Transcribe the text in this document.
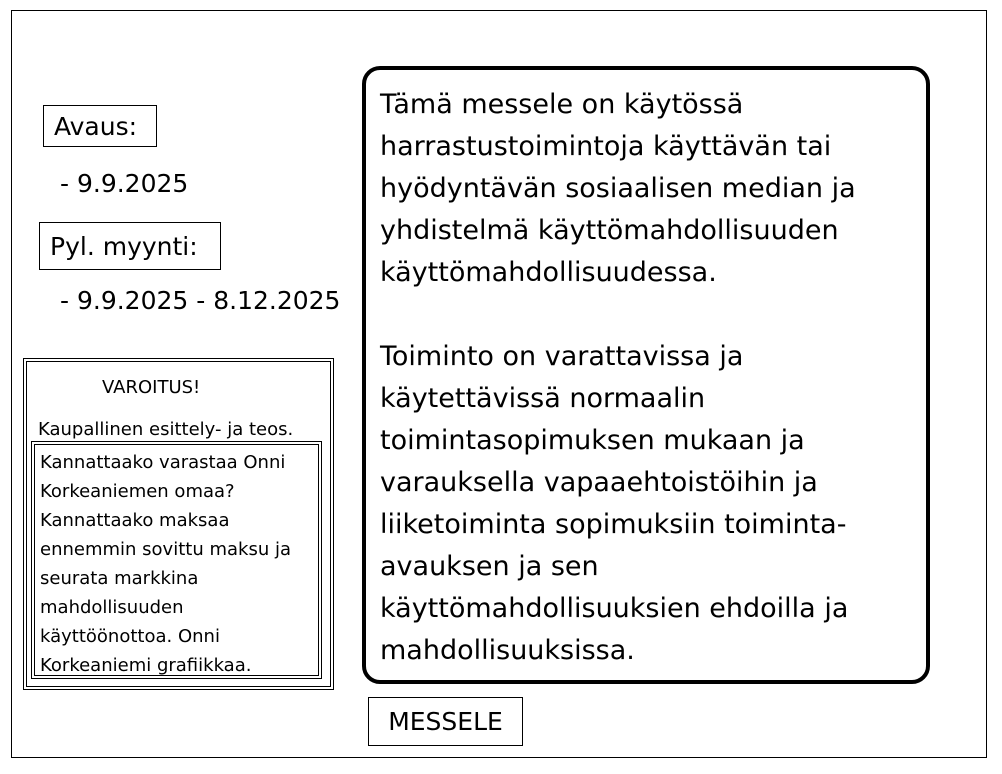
Avaus:
- 9.9.2025
Pyl. myynti:
- 9.9.2025 - 8.12.2025
VAROITUS!
Kaupallinen esittely- ja teos.
Kannattaako varastaa Onni
Korkeaniemen omaa?
Kannattaako maksaa
ennemmin sovittu maksu ja
seurata markkina
mahdollisuuden
käyttöönottoa. Onni
Korkeaniemi grafiikkaa.
Tämä messele on käytössä
harrastustoimintoja käyttävän tai
hyödyntävän sosiaalisen median ja
yhdistelmä käyttömahdollisuuden
käyttömahdollisuudessa.
Toiminto on varattavissa ja
käytettävissä normaalin
toimintasopimuksen mukaan ja
varauksella vapaaehtoistöihin ja
liiketoiminta sopimuksiin toiminta-
avauksen ja sen
käyttömahdollisuuksien ehdoilla ja
mahdollisuuksissa.
MESSELE
